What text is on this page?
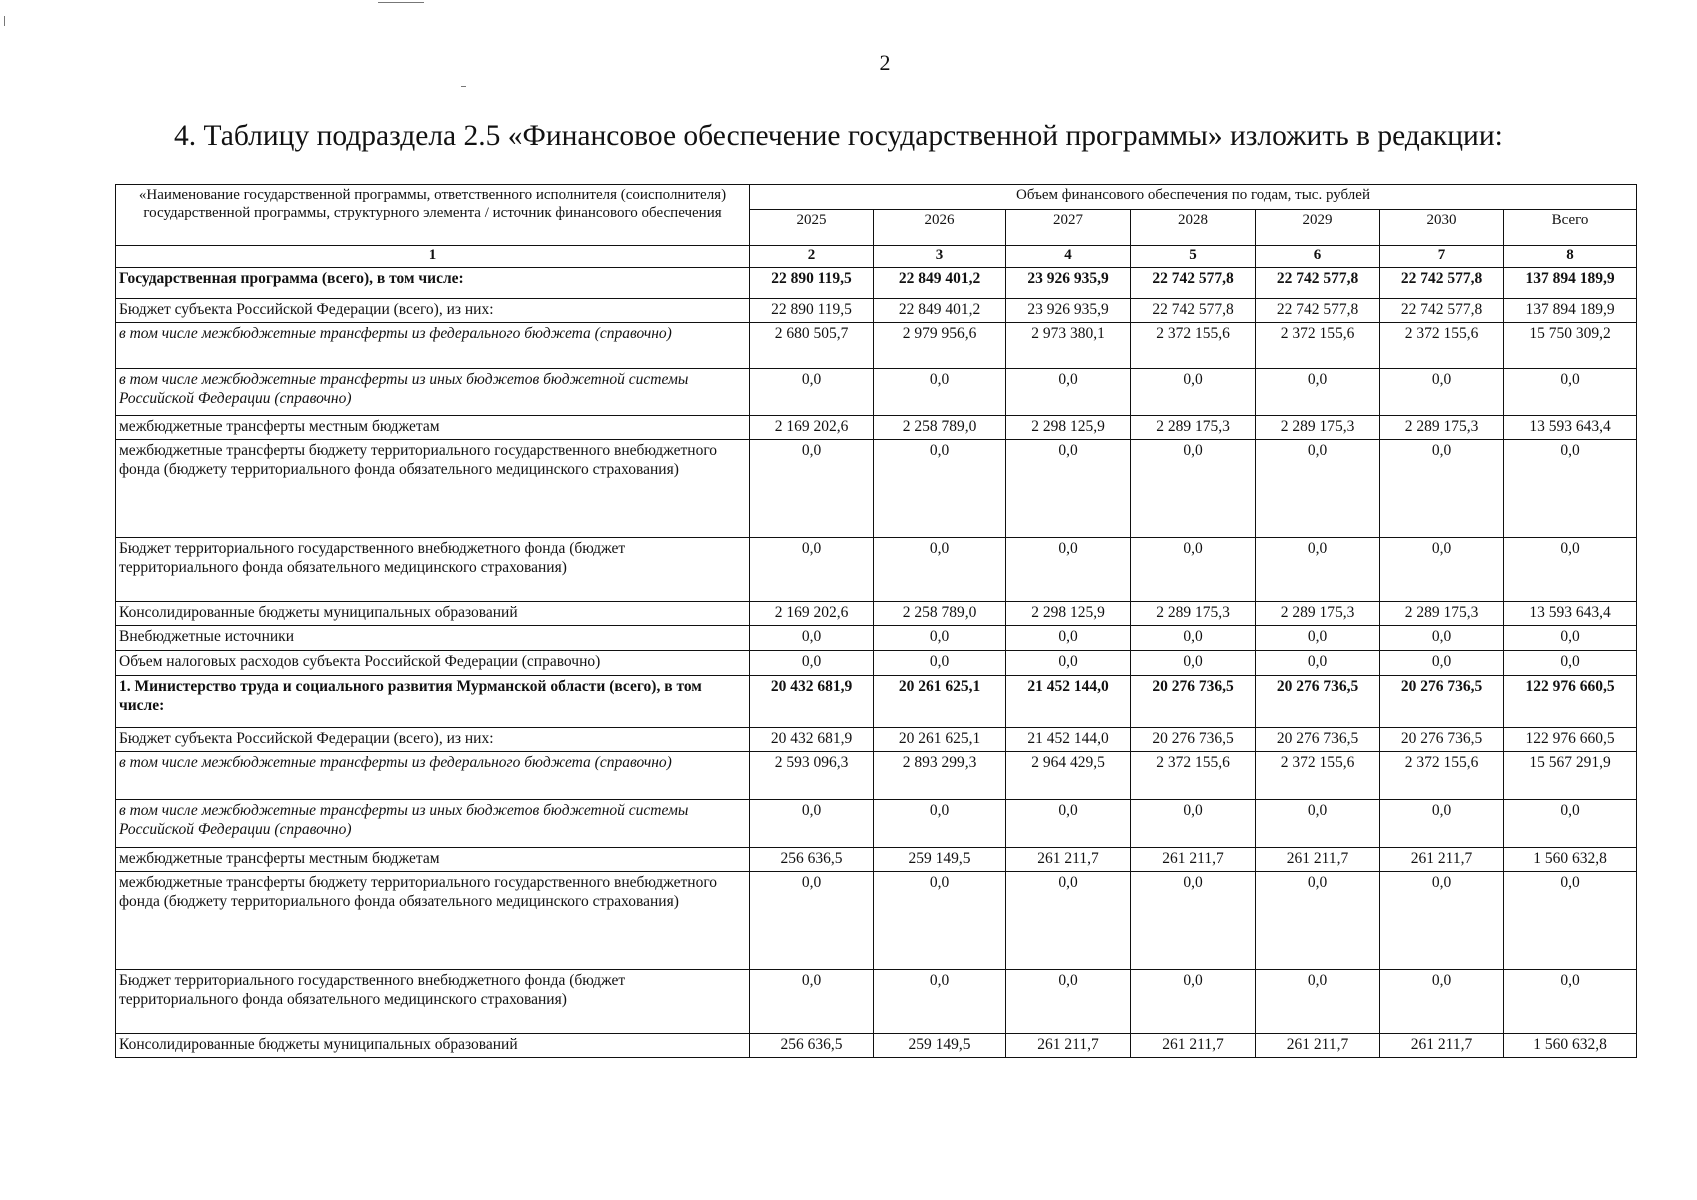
2
4. Таблицу подраздела 2.5 «Финансовое обеспечение государственной программы» изложить в редакции:
«Наименование государственной программы, ответственного исполнителя (соисполнителя) государственной программы, структурного элемента / источник финансового обеспечения	Объем финансового обеспечения по годам, тыс. рублей						
	2025	2026	2027	2028	2029	2030	Всего
1	2	3	4	5	6	7	8
Государственная программа (всего), в том числе:	22 890 119,5	22 849 401,2	23 926 935,9	22 742 577,8	22 742 577,8	22 742 577,8	137 894 189,9
Бюджет субъекта Российской Федерации (всего), из них:	22 890 119,5	22 849 401,2	23 926 935,9	22 742 577,8	22 742 577,8	22 742 577,8	137 894 189,9
в том числе межбюджетные трансферты из федерального бюджета (справочно)	2 680 505,7	2 979 956,6	2 973 380,1	2 372 155,6	2 372 155,6	2 372 155,6	15 750 309,2
в том числе межбюджетные трансферты из иных бюджетов бюджетной системы Российской Федерации (справочно)	0,0	0,0	0,0	0,0	0,0	0,0	0,0
межбюджетные трансферты местным бюджетам	2 169 202,6	2 258 789,0	2 298 125,9	2 289 175,3	2 289 175,3	2 289 175,3	13 593 643,4
межбюджетные трансферты бюджету территориального государственного внебюджетного фонда (бюджету территориального фонда обязательного медицинского страхования)	0,0	0,0	0,0	0,0	0,0	0,0	0,0
Бюджет территориального государственного внебюджетного фонда (бюджет территориального фонда обязательного медицинского страхования)	0,0	0,0	0,0	0,0	0,0	0,0	0,0
Консолидированные бюджеты муниципальных образований	2 169 202,6	2 258 789,0	2 298 125,9	2 289 175,3	2 289 175,3	2 289 175,3	13 593 643,4
Внебюджетные источники	0,0	0,0	0,0	0,0	0,0	0,0	0,0
Объем налоговых расходов субъекта Российской Федерации (справочно)	0,0	0,0	0,0	0,0	0,0	0,0	0,0
1. Министерство труда и социального развития Мурманской области (всего), в том числе:	20 432 681,9	20 261 625,1	21 452 144,0	20 276 736,5	20 276 736,5	20 276 736,5	122 976 660,5
Бюджет субъекта Российской Федерации (всего), из них:	20 432 681,9	20 261 625,1	21 452 144,0	20 276 736,5	20 276 736,5	20 276 736,5	122 976 660,5
в том числе межбюджетные трансферты из федерального бюджета (справочно)	2 593 096,3	2 893 299,3	2 964 429,5	2 372 155,6	2 372 155,6	2 372 155,6	15 567 291,9
в том числе межбюджетные трансферты из иных бюджетов бюджетной системы Российской Федерации (справочно)	0,0	0,0	0,0	0,0	0,0	0,0	0,0
межбюджетные трансферты местным бюджетам	256 636,5	259 149,5	261 211,7	261 211,7	261 211,7	261 211,7	1 560 632,8
межбюджетные трансферты бюджету территориального государственного внебюджетного фонда (бюджету территориального фонда обязательного медицинского страхования)	0,0	0,0	0,0	0,0	0,0	0,0	0,0
Бюджет территориального государственного внебюджетного фонда (бюджет территориального фонда обязательного медицинского страхования)	0,0	0,0	0,0	0,0	0,0	0,0	0,0
Консолидированные бюджеты муниципальных образований	256 636,5	259 149,5	261 211,7	261 211,7	261 211,7	261 211,7	1 560 632,8
